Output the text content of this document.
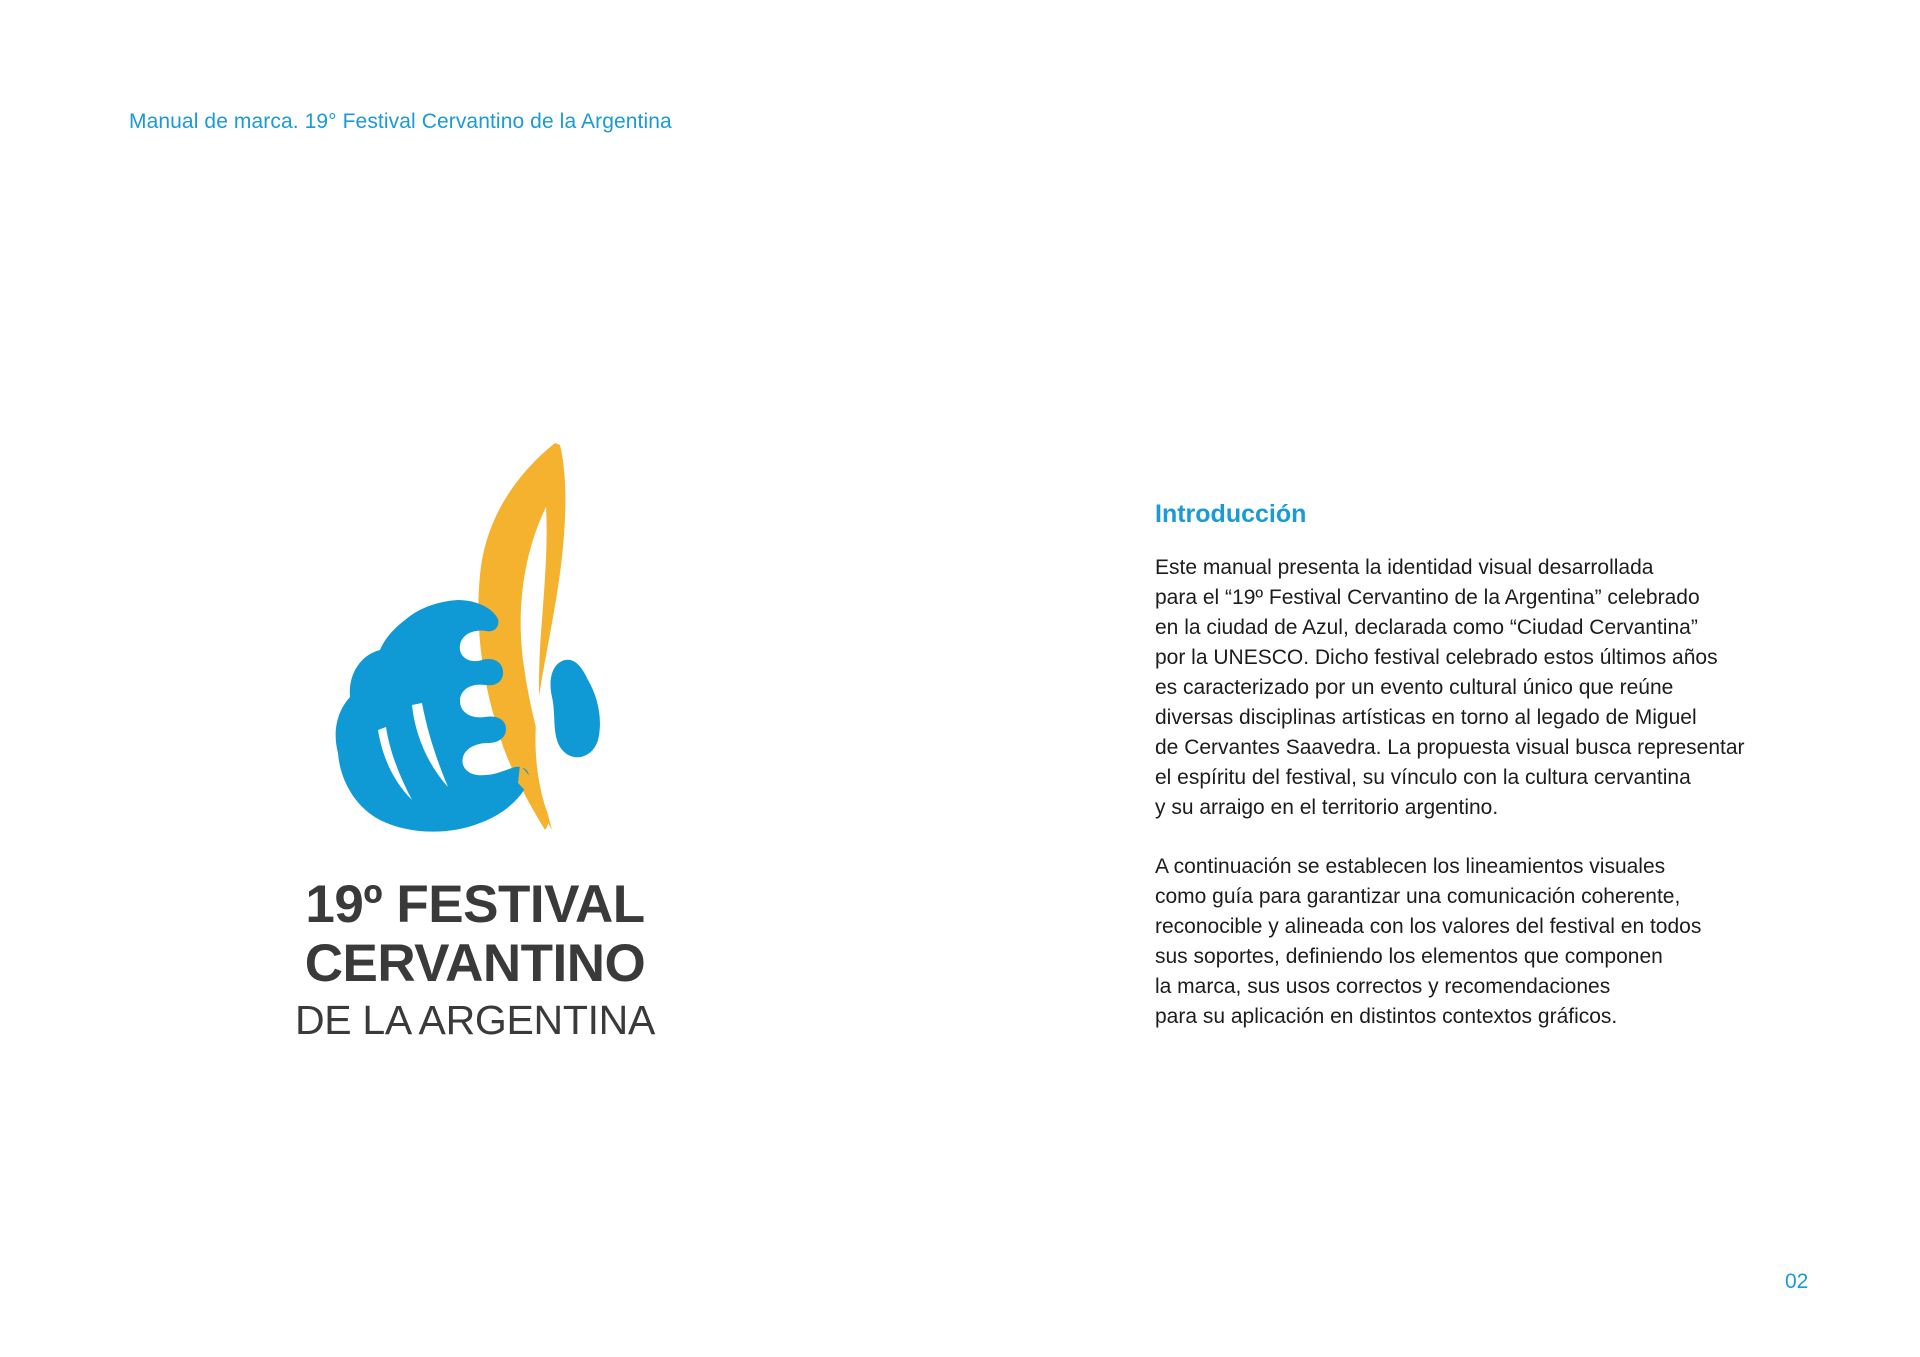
Manual de marca. 19° Festival Cervantino de la Argentina
19º FESTIVAL
CERVANTINO
DE LA ARGENTINA
Introducción

Este manual presenta la identidad visual desarrollada
para el “19º Festival Cervantino de la Argentina” celebrado
en la ciudad de Azul, declarada como “Ciudad Cervantina”
por la UNESCO. Dicho festival celebrado estos últimos años
es caracterizado por un evento cultural único que reúne
diversas disciplinas artísticas en torno al legado de Miguel
de Cervantes Saavedra. La propuesta visual busca representar
el espíritu del festival, su vínculo con la cultura cervantina
y su arraigo en el territorio argentino.

A continuación se establecen los lineamientos visuales
como guía para garantizar una comunicación coherente,
reconocible y alineada con los valores del festival en todos
sus soportes, definiendo los elementos que componen
la marca, sus usos correctos y recomendaciones
para su aplicación en distintos contextos gráficos.

02
